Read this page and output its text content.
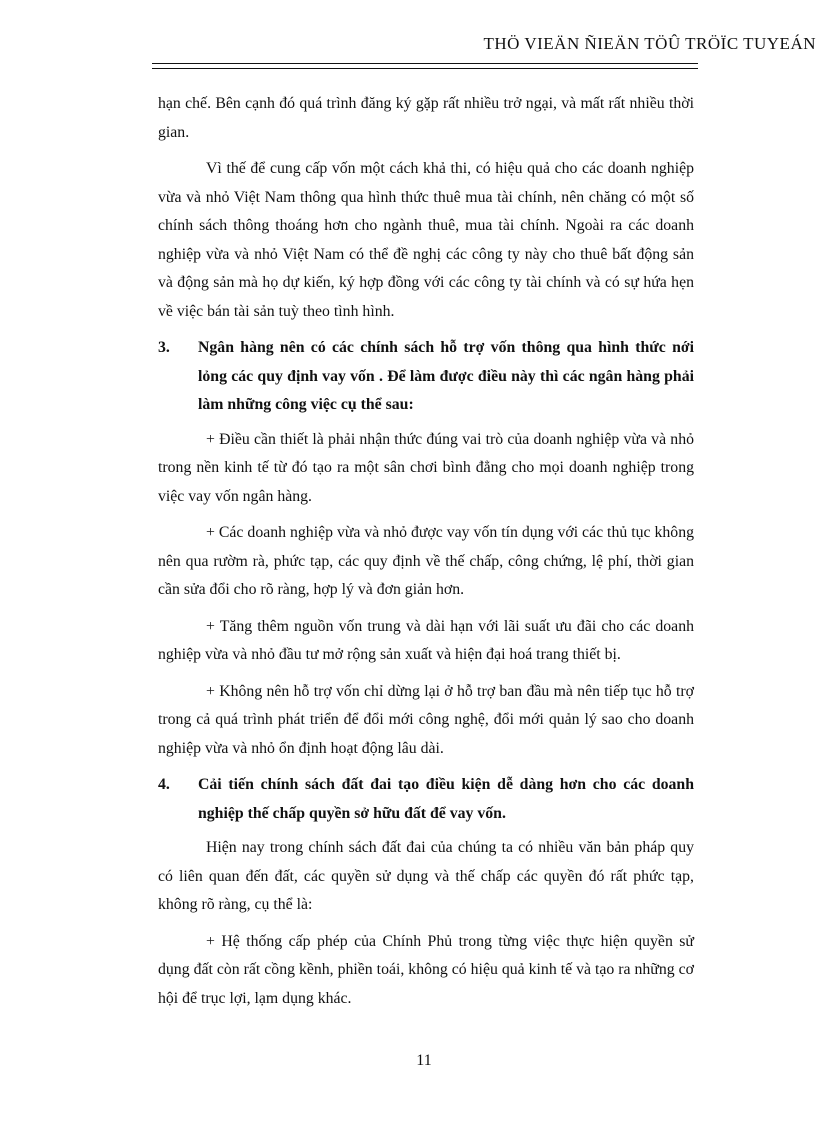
THÖ VIEÄN ÑIEÄN TÖÛ TRÖÏC TUYEÁN

hạn chế. Bên cạnh đó quá trình đăng ký gặp rất nhiều trở ngại, và mất rất nhiều thời gian.

Vì thế để cung cấp vốn một cách khả thi, có hiệu quả cho các doanh nghiệp vừa và nhỏ Việt Nam thông qua hình thức thuê mua tài chính, nên chăng có một số chính sách thông thoáng hơn cho ngành thuê, mua tài chính. Ngoài ra các doanh nghiệp vừa và nhỏ Việt Nam có thể đề nghị các công ty này cho thuê bất động sản và động sản mà họ dự kiến, ký hợp đồng với các công ty tài chính và có sự hứa hẹn về việc bán tài sản tuỳ theo tình hình.

3.	Ngân hàng nên có các chính sách hỗ trợ vốn thông qua hình thức nới lỏng các quy định vay vốn . Để làm được điều này thì các ngân hàng phải làm những công việc cụ thể sau:

+ Điều cần thiết là phải nhận thức đúng vai trò của doanh nghiệp vừa và nhỏ trong nền kinh tế từ đó tạo ra một sân chơi bình đẳng cho mọi doanh nghiệp trong việc vay vốn ngân hàng.

+ Các doanh nghiệp vừa và nhỏ được vay vốn tín dụng với các thủ tục không nên qua rườm rà, phức tạp, các quy định về thế chấp, công chứng, lệ phí, thời gian cần sửa đổi cho rõ ràng, hợp lý và đơn giản hơn.

+ Tăng thêm nguồn vốn trung và dài hạn với lãi suất ưu đãi cho các doanh nghiệp vừa và nhỏ đầu tư mở rộng sản xuất và hiện đại hoá trang thiết bị.

+ Không nên hỗ trợ vốn chỉ dừng lại ở hỗ trợ ban đầu mà nên tiếp tục hỗ trợ trong cả quá trình phát triển để đổi mới công nghệ, đổi mới quản lý sao cho doanh nghiệp vừa và nhỏ ổn định hoạt động lâu dài.

4.	Cải tiến chính sách đất đai tạo điều kiện dễ dàng hơn cho các doanh nghiệp thế chấp quyền sở hữu đất để vay vốn.

Hiện nay trong chính sách đất đai của chúng ta có nhiều văn bản pháp quy có liên quan đến đất, các quyền sử dụng và thế chấp các quyền đó rất phức tạp, không rõ ràng, cụ thể là:

+ Hệ thống cấp phép của Chính Phủ trong từng việc thực hiện quyền sử dụng đất còn rất cồng kềnh, phiền toái, không có hiệu quả kinh tế và tạo ra những cơ hội để trục lợi, lạm dụng khác.

11
